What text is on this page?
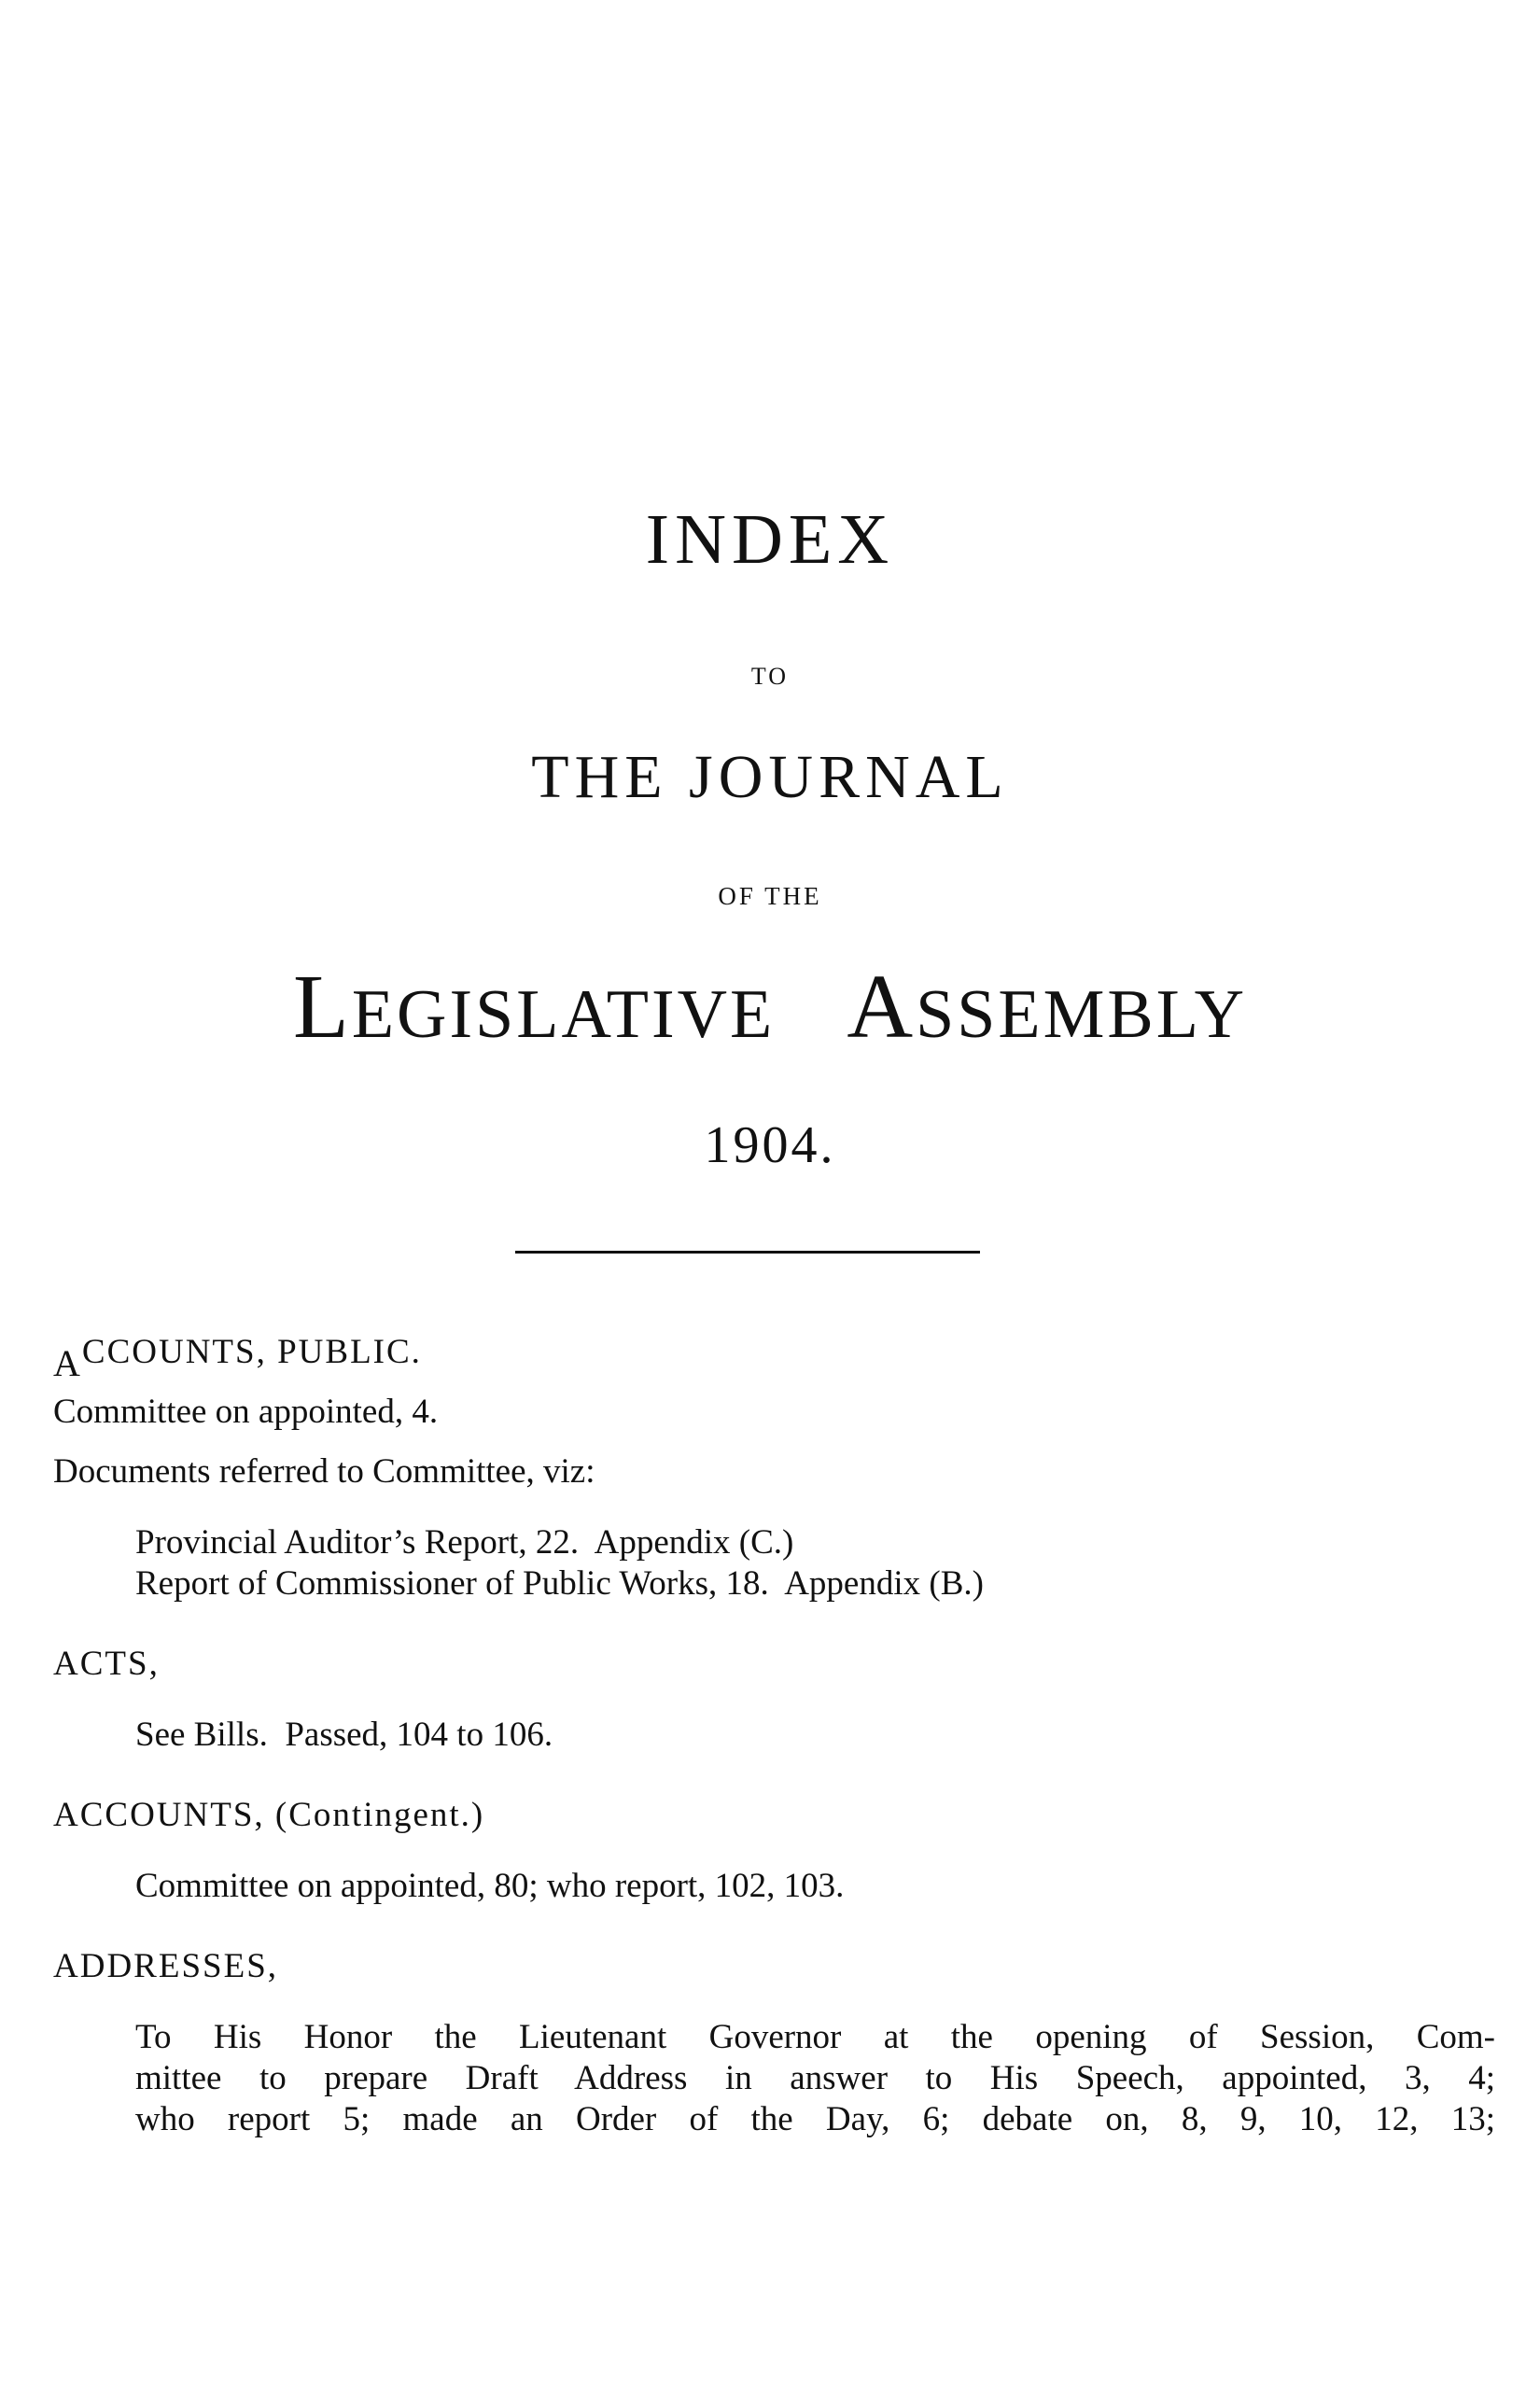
INDEX
TO
THE JOURNAL
OF THE
LEGISLATIVE ASSEMBLY
1904.
ACCOUNTS, PUBLIC.
Committee on appointed, 4.
Documents referred to Committee, viz:
Provincial Auditor’s Report, 22.  Appendix (C.)
Report of Commissioner of Public Works, 18.  Appendix (B.)
ACTS,
See Bills.  Passed, 104 to 106.
ACCOUNTS, (Contingent.)
Committee on appointed, 80; who report, 102, 103.
ADDRESSES,
To His Honor the Lieutenant Governor at the opening of Session, Com-
mittee to prepare Draft Address in answer to His Speech, appointed, 3, 4;
who report 5; made an Order of the Day, 6; debate on, 8, 9, 10, 12, 13;
